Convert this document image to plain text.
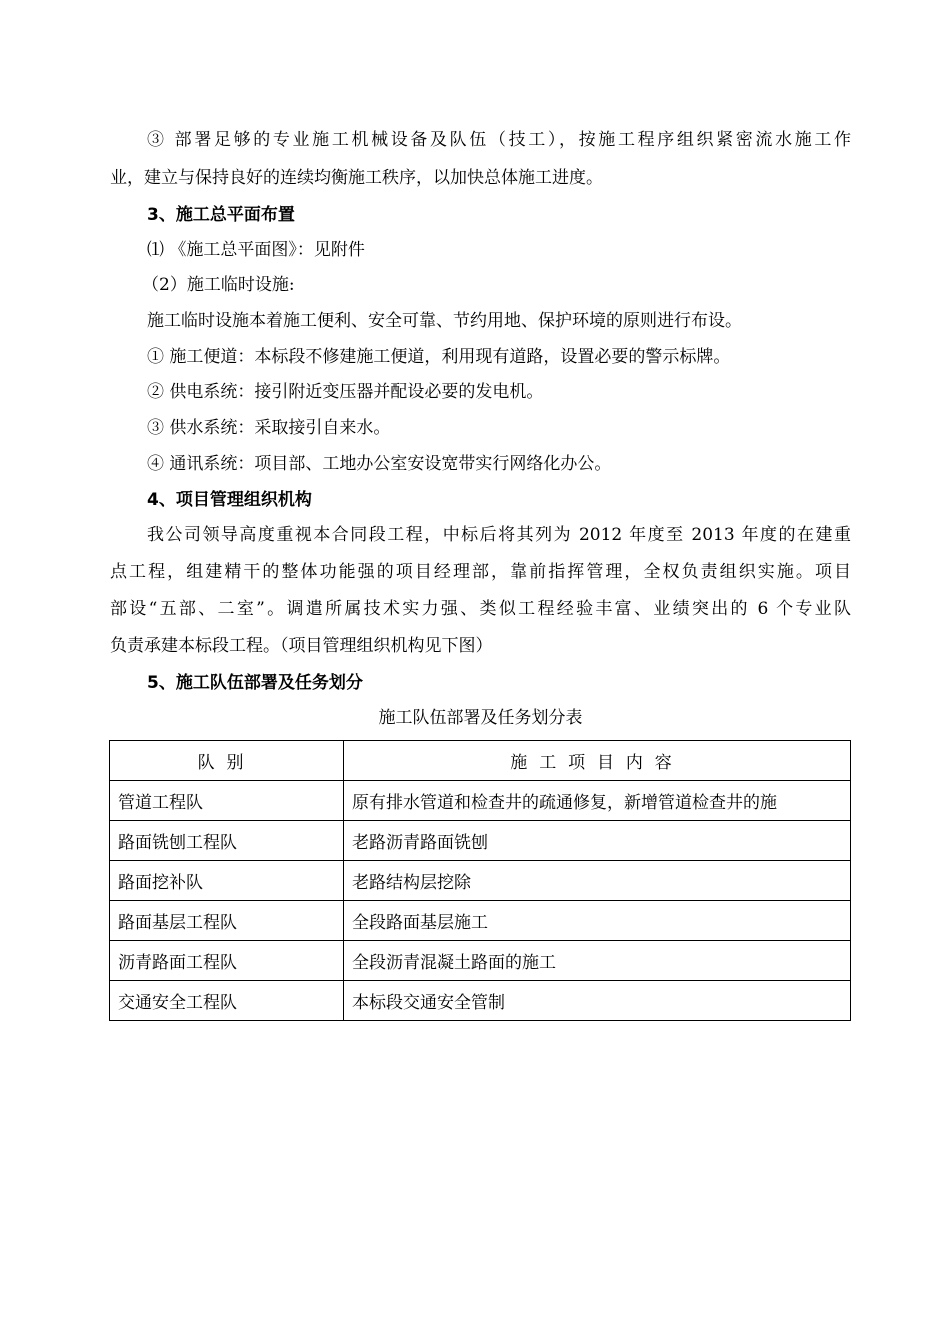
③ 部署足够的专业施工机械设备及队伍（技工），按施工程序组织紧密流水施工作
业，建立与保持良好的连续均衡施工秩序，以加快总体施工进度。
3、施工总平面布置
⑴ 《施工总平面图》：见附件
（2）施工临时设施:
施工临时设施本着施工便利、安全可靠、节约用地、保护环境的原则进行布设。
① 施工便道：本标段不修建施工便道，利用现有道路，设置必要的警示标牌。
② 供电系统：接引附近变压器并配设必要的发电机。
③ 供水系统：采取接引自来水。
④ 通讯系统：项目部、工地办公室安设宽带实行网络化办公。
4、项目管理组织机构
我公司领导高度重视本合同段工程，中标后将其列为 2012 年度至 2013 年度的在建重
点工程，组建精干的整体功能强的项目经理部，靠前指挥管理，全权负责组织实施。项目
部设“五部、二室”。调遣所属技术实力强、类似工程经验丰富、业绩突出的 6 个专业队
负责承建本标段工程。（项目管理组织机构见下图）
5、施工队伍部署及任务划分
施工队伍部署及任务划分表
队别	施工项目内容
管道工程队	原有排水管道和检查井的疏通修复，新增管道检查井的施
路面铣刨工程队	老路沥青路面铣刨
路面挖补队	老路结构层挖除
路面基层工程队	全段路面基层施工
沥青路面工程队	全段沥青混凝土路面的施工
交通安全工程队	本标段交通安全管制
